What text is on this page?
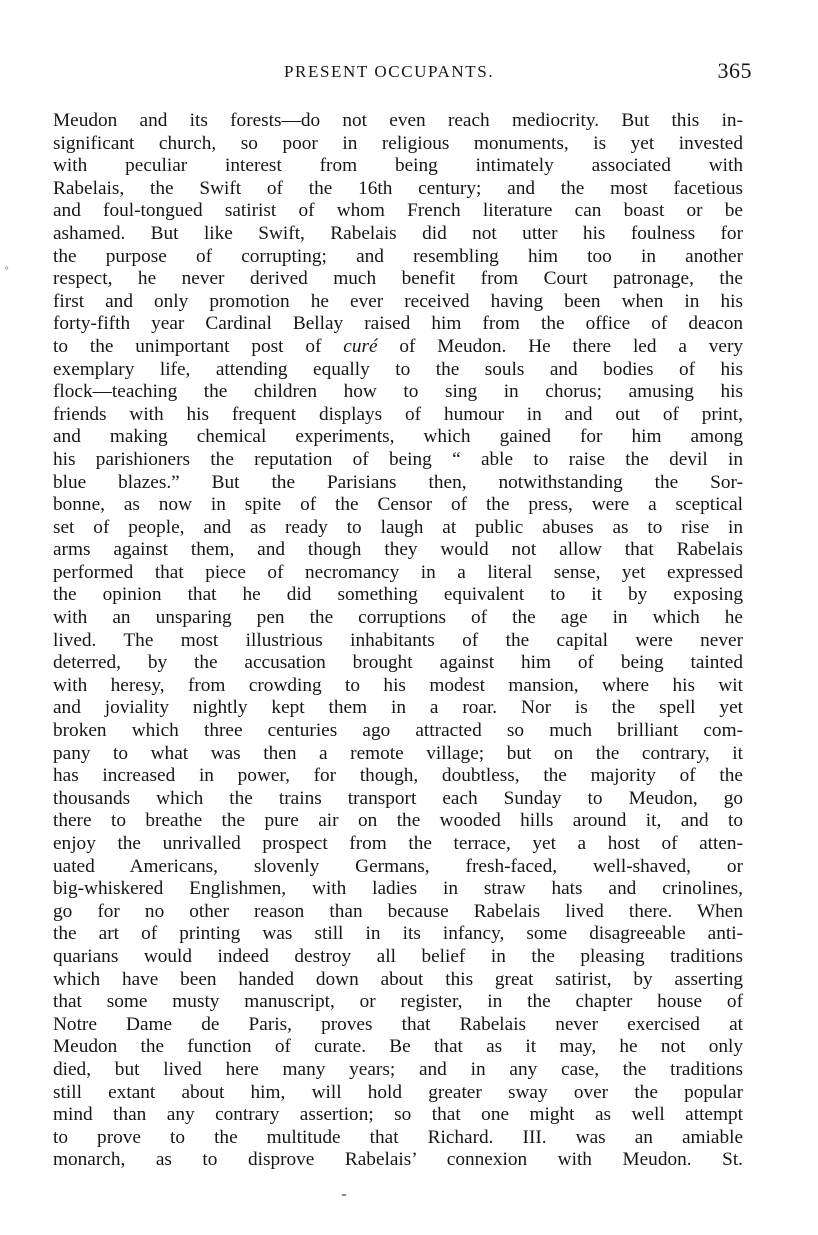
PRESENT OCCUPANTS.	365
°
Meudon and its forests—do not even reach mediocrity. But this in-
significant church, so poor in religious monuments, is yet invested
with peculiar interest from being intimately associated with
Rabelais, the Swift of the 16th century; and the most facetious
and foul-tongued satirist of whom French literature can boast or be
ashamed. But like Swift, Rabelais did not utter his foulness for
the purpose of corrupting; and resembling him too in another
respect, he never derived much benefit from Court patronage, the
first and only promotion he ever received having been when in his
forty-fifth year Cardinal Bellay raised him from the office of deacon
to the unimportant post of curé of Meudon. He there led a very
exemplary life, attending equally to the souls and bodies of his
flock—teaching the children how to sing in chorus; amusing his
friends with his frequent displays of humour in and out of print,
and making chemical experiments, which gained for him among
his parishioners the reputation of being “ able to raise the devil in
blue blazes.” But the Parisians then, notwithstanding the Sor-
bonne, as now in spite of the Censor of the press, were a sceptical
set of people, and as ready to laugh at public abuses as to rise in
arms against them, and though they would not allow that Rabelais
performed that piece of necromancy in a literal sense, yet expressed
the opinion that he did something equivalent to it by exposing
with an unsparing pen the corruptions of the age in which he
lived. The most illustrious inhabitants of the capital were never
deterred, by the accusation brought against him of being tainted
with heresy, from crowding to his modest mansion, where his wit
and joviality nightly kept them in a roar. Nor is the spell yet
broken which three centuries ago attracted so much brilliant com-
pany to what was then a remote village; but on the contrary, it
has increased in power, for though, doubtless, the majority of the
thousands which the trains transport each Sunday to Meudon, go
there to breathe the pure air on the wooded hills around it, and to
enjoy the unrivalled prospect from the terrace, yet a host of atten-
uated Americans, slovenly Germans, fresh-faced, well-shaved, or
big-whiskered Englishmen, with ladies in straw hats and crinolines,
go for no other reason than because Rabelais lived there. When
the art of printing was still in its infancy, some disagreeable anti-
quarians would indeed destroy all belief in the pleasing traditions
which have been handed down about this great satirist, by asserting
that some musty manuscript, or register, in the chapter house of
Notre Dame de Paris, proves that Rabelais never exercised at
Meudon the function of curate. Be that as it may, he not only
died, but lived here many years; and in any case, the traditions
still extant about him, will hold greater sway over the popular
mind than any contrary assertion; so that one might as well attempt
to prove to the multitude that Richard. III. was an amiable
monarch, as to disprove Rabelais’ connexion with Meudon. St.
